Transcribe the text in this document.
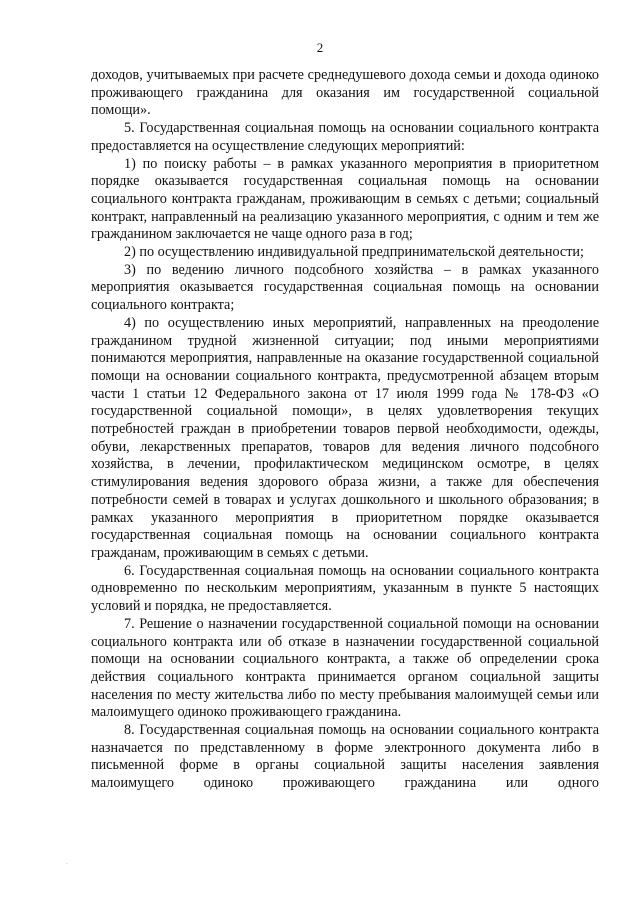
2

доходов, учитываемых при расчете среднедушевого дохода семьи и дохода одиноко проживающего гражданина для оказания им государственной социальной помощи».

5. Государственная социальная помощь на основании социального контракта предоставляется на осуществление следующих мероприятий:

1) по поиску работы – в рамках указанного мероприятия в приоритетном порядке оказывается государственная социальная помощь на основании социального контракта гражданам, проживающим в семьях с детьми; социальный контракт, направленный на реализацию указанного мероприятия, с одним и тем же гражданином заключается не чаще одного раза в год;

2) по осуществлению индивидуальной предпринимательской деятельности;

3) по ведению личного подсобного хозяйства – в рамках указанного мероприятия оказывается государственная социальная помощь на основании социального контракта;

4) по осуществлению иных мероприятий, направленных на преодоление гражданином трудной жизненной ситуации; под иными мероприятиями понимаются мероприятия, направленные на оказание государственной социальной помощи на основании социального контракта, предусмотренной абзацем вторым части 1 статьи 12 Федерального закона от 17 июля 1999 года № 178-ФЗ «О государственной социальной помощи», в целях удовлетворения текущих потребностей граждан в приобретении товаров первой необходимости, одежды, обуви, лекарственных препаратов, товаров для ведения личного подсобного хозяйства, в лечении, профилактическом медицинском осмотре, в целях стимулирования ведения здорового образа жизни, а также для обеспечения потребности семей в товарах и услугах дошкольного и школьного образования; в рамках указанного мероприятия в приоритетном порядке оказывается государственная социальная помощь на основании социального контракта гражданам, проживающим в семьях с детьми.

6. Государственная социальная помощь на основании социального контракта одновременно по нескольким мероприятиям, указанным в пункте 5 настоящих условий и порядка, не предоставляется.

7. Решение о назначении государственной социальной помощи на основании социального контракта или об отказе в назначении государственной социальной помощи на основании социального контракта, а также об определении срока действия социального контракта принимается органом социальной защиты населения по месту жительства либо по месту пребывания малоимущей семьи или малоимущего одиноко проживающего гражданина.

8. Государственная социальная помощь на основании социального контракта назначается по представленному в форме электронного документа либо в письменной форме в органы социальной защиты населения заявления малоимущего одиноко проживающего гражданина или одного

.
